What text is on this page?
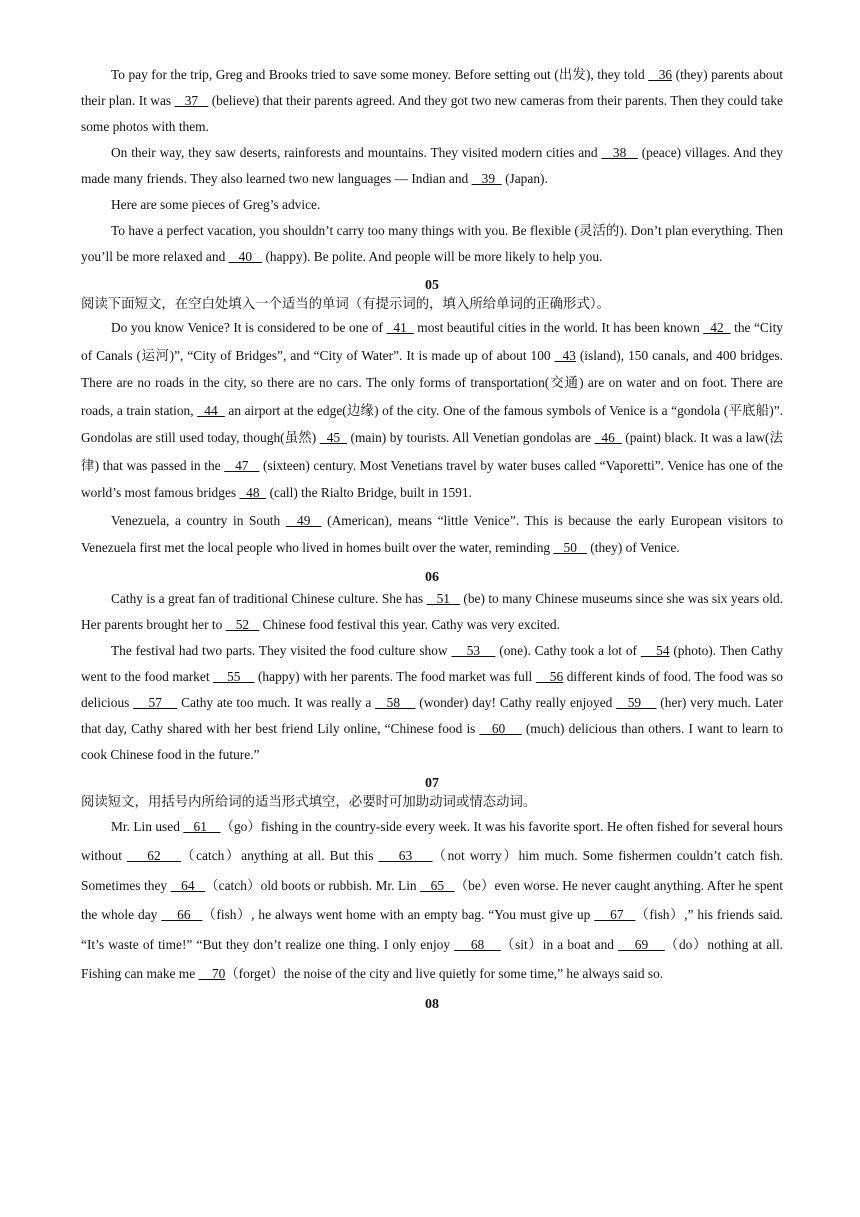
To pay for the trip, Greg and Brooks tried to save some money. Before setting out (出发), they told    36 (they) parents about their plan. It was    37    (believe) that their parents agreed. And they got two new cameras from their parents. Then they could take some photos with them.

On their way, they saw deserts, rainforests and mountains. They visited modern cities and    38    (peace) villages. And they made many friends. They also learned two new languages — Indian and    39   (Japan).

Here are some pieces of Greg’s advice.

To have a perfect vacation, you shouldn’t carry too many things with you. Be flexible (灵活的). Don’t plan everything. Then you’ll be more relaxed and    40    (happy). Be polite. And people will be more likely to help you.

05

阅读下面短文，在空白处填入一个适当的单词（有提示词的，填入所给单词的正确形式）。

Do you know Venice? It is considered to be one of   41   most beautiful cities in the world. It has been known   42   the “City of Canals (运河)”, “City of Bridges”, and “City of Water”. It is made up of about 100   43 (island), 150 canals, and 400 bridges. There are no roads in the city, so there are no cars. The only forms of transportation(交通) are on water and on foot. There are roads, a train station,   44   an airport at the edge(边缘) of the city. One of the famous symbols of Venice is a “gondola (平底船)”. Gondolas are still used today, though(虽然)   45   (main) by tourists. All Venetian gondolas are   46   (paint) black. It was a law(法律) that was passed in the    47    (sixteen) century. Most Venetians travel by water buses called “Vaporetti”. Venice has one of the world’s most famous bridges   48   (call) the Rialto Bridge, built in 1591.

Venezuela, a country in South   49   (American), means “little Venice”. This is because the early European visitors to Venezuela first met the local people who lived in homes built over the water, reminding    50    (they) of Venice.

06

Cathy is a great fan of traditional Chinese culture. She has    51    (be) to many Chinese museums since she was six years old. Her parents brought her to    52    Chinese food festival this year. Cathy was very excited.

The festival had two parts. They visited the food culture show     53     (one). Cathy took a lot of     54 (photo). Then Cathy went to the food market     55     (happy) with her parents. The food market was full     56 different kinds of food. The food was so delicious     57     Cathy ate too much. It was really a    58     (wonder) day! Cathy really enjoyed    59     (her) very much. Later that day, Cathy shared with her best friend Lily online, “Chinese food is    60     (much) delicious than others. I want to learn to cook Chinese food in the future.”

07

阅读短文，用括号内所给词的适当形式填空，必要时可加助动词或情态动词。

Mr. Lin used    61    （go）fishing in the country-side every week. It was his favorite sport. He often fished for several hours without     62    （catch）anything at all. But this     63    （not worry）him much. Some fishermen couldn’t catch fish. Sometimes they    64   （catch）old boots or rubbish. Mr. Lin    65   （be）even worse. He never caught anything. After he spent the whole day     66   （fish）, he always went home with an empty bag. “You must give up     67   （fish）,” his friends said. “It’s waste of time!” “But they don’t realize one thing. I only enjoy     68    （sit）in a boat and     69    （do）nothing at all. Fishing can make me     70（forget）the noise of the city and live quietly for some time,” he always said so.

08
